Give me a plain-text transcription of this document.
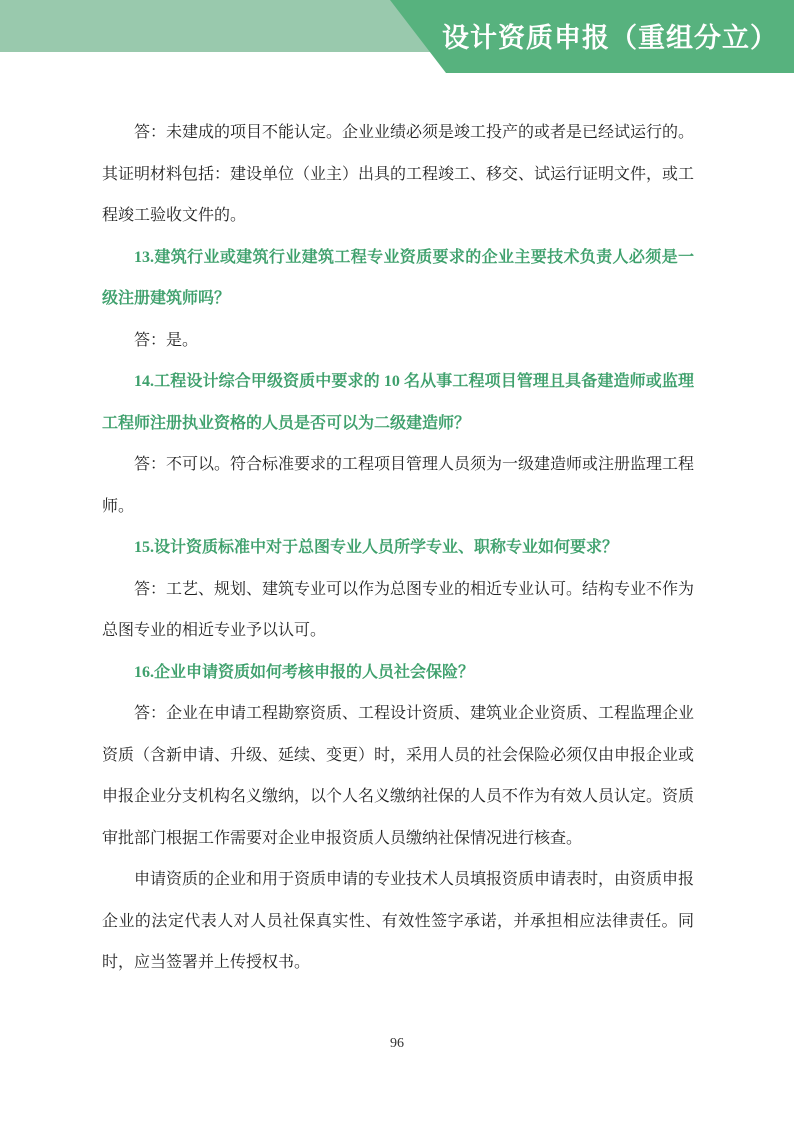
设计资质申报（重组分立）

答：未建成的项目不能认定。企业业绩必须是竣工投产的或者是已经试运行的。其证明材料包括：建设单位（业主）出具的工程竣工、移交、试运行证明文件，或工程竣工验收文件的。

13.建筑行业或建筑行业建筑工程专业资质要求的企业主要技术负责人必须是一级注册建筑师吗？

答：是。

14.工程设计综合甲级资质中要求的 10 名从事工程项目管理且具备建造师或监理工程师注册执业资格的人员是否可以为二级建造师？

答：不可以。符合标准要求的工程项目管理人员须为一级建造师或注册监理工程师。

15.设计资质标准中对于总图专业人员所学专业、职称专业如何要求？

答：工艺、规划、建筑专业可以作为总图专业的相近专业认可。结构专业不作为总图专业的相近专业予以认可。

16.企业申请资质如何考核申报的人员社会保险？

答：企业在申请工程勘察资质、工程设计资质、建筑业企业资质、工程监理企业资质（含新申请、升级、延续、变更）时，采用人员的社会保险必须仅由申报企业或申报企业分支机构名义缴纳，以个人名义缴纳社保的人员不作为有效人员认定。资质审批部门根据工作需要对企业申报资质人员缴纳社保情况进行核查。

申请资质的企业和用于资质申请的专业技术人员填报资质申请表时，由资质申报企业的法定代表人对人员社保真实性、有效性签字承诺，并承担相应法律责任。同时，应当签署并上传授权书。

96
